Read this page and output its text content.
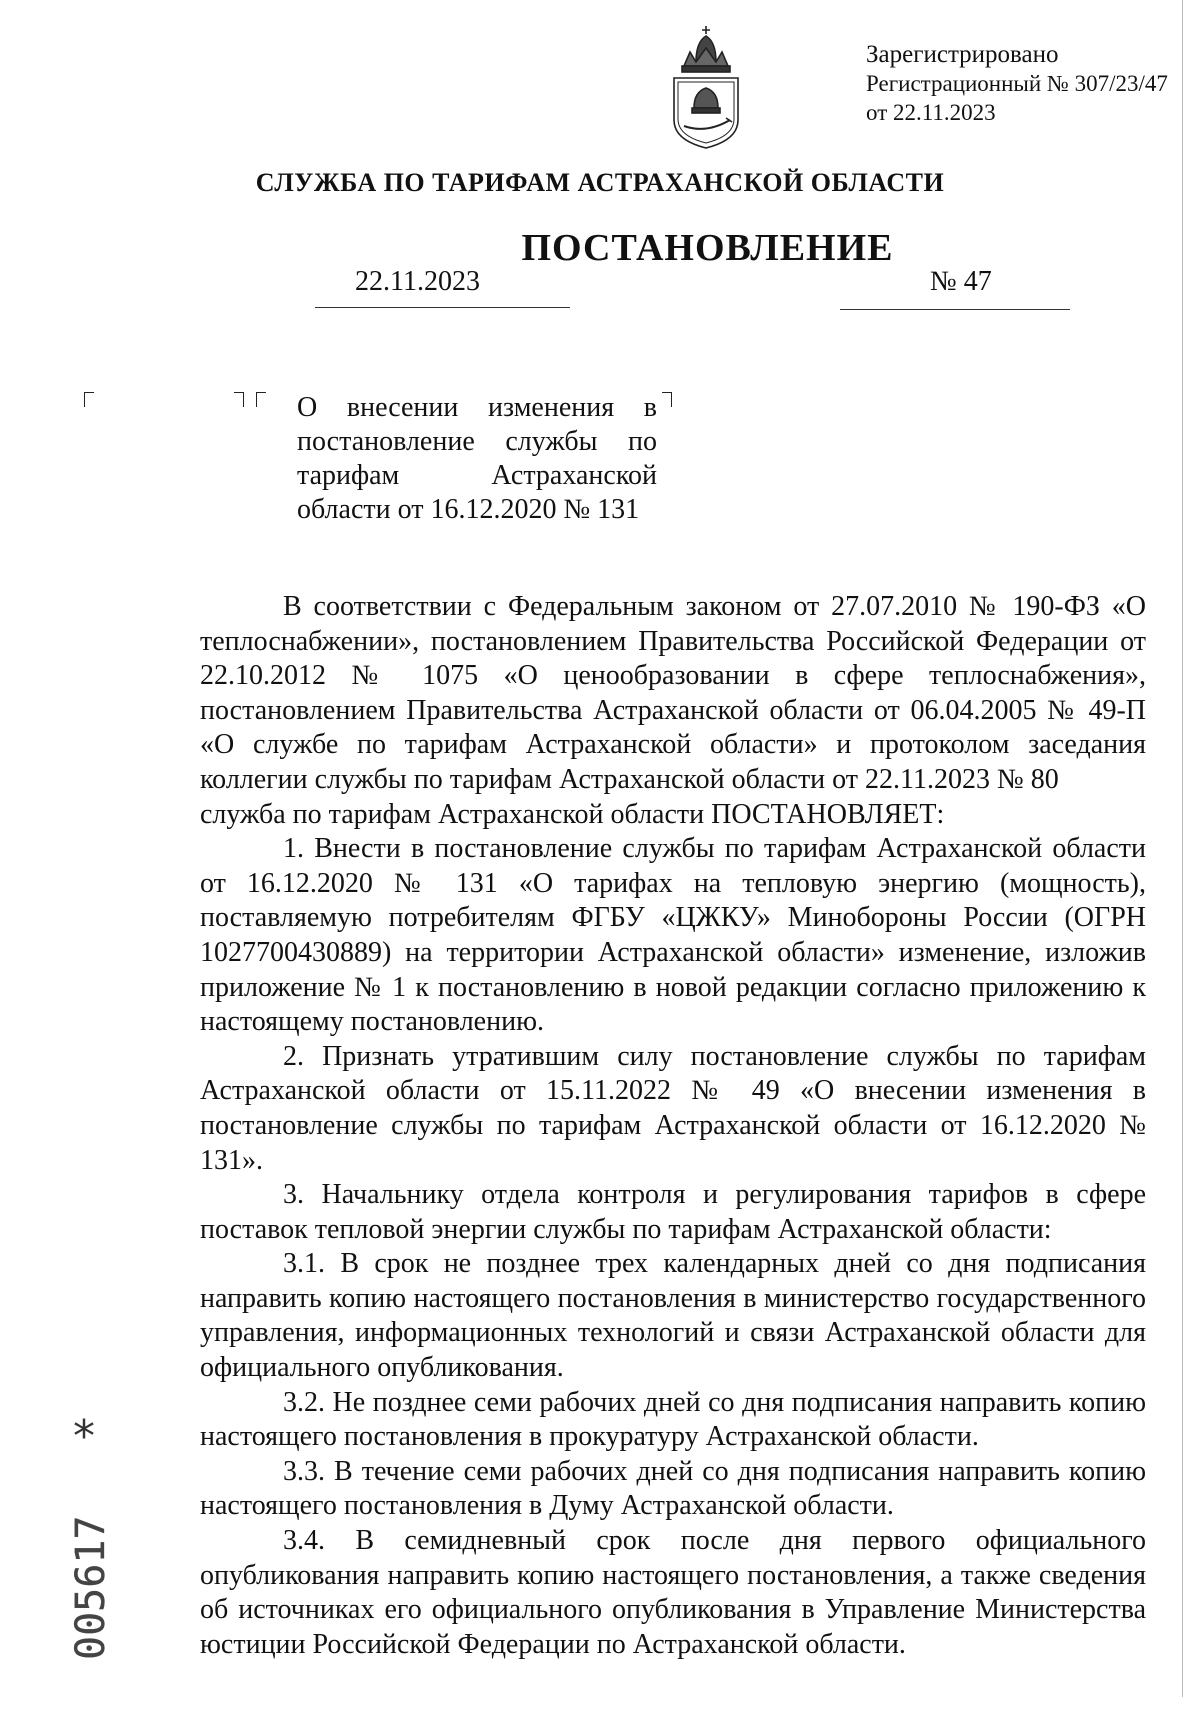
Зарегистрировано
Регистрационный № 307/23/47
от 22.11.2023
СЛУЖБА ПО ТАРИФАМ АСТРАХАНСКОЙ ОБЛАСТИ
ПОСТАНОВЛЕНИЕ
22.11.2023	№ 47
О внесении изменения в постановление службы по тарифам Астраханской области от 16.12.2020 № 131

В соответствии с Федеральным законом от 27.07.2010 № 190-ФЗ «О теплоснабжении», постановлением Правительства Российской Федерации от 22.10.2012 № 1075 «О ценообразовании в сфере теплоснабжения», постановлением Правительства Астраханской области от 06.04.2005 № 49-П «О службе по тарифам Астраханской области» и протоколом заседания коллегии службы по тарифам Астраханской области от 22.11.2023 № 80

служба по тарифам Астраханской области ПОСТАНОВЛЯЕТ:

1. Внести в постановление службы по тарифам Астраханской области от 16.12.2020 № 131 «О тарифах на тепловую энергию (мощность), поставляемую потребителям ФГБУ «ЦЖКУ» Минобороны России (ОГРН 1027700430889) на территории Астраханской области» изменение, изложив приложение № 1 к постановлению в новой редакции согласно приложению к настоящему постановлению.

2. Признать утратившим силу постановление службы по тарифам Астраханской области от 15.11.2022 № 49 «О внесении изменения в постановление службы по тарифам Астраханской области от 16.12.2020 № 131».

3. Начальнику отдела контроля и регулирования тарифов в сфере поставок тепловой энергии службы по тарифам Астраханской области:

3.1. В срок не позднее трех календарных дней со дня подписания направить копию настоящего постановления в министерство государственного управления, информационных технологий и связи Астраханской области для официального опубликования.

3.2. Не позднее семи рабочих дней со дня подписания направить копию настоящего постановления в прокуратуру Астраханской области.

3.3. В течение семи рабочих дней со дня подписания направить копию настоящего постановления в Думу Астраханской области.

3.4. В семидневный срок после дня первого официального опубликования направить копию настоящего постановления, а также сведения об источниках его официального опубликования в Управление Министерства юстиции Российской Федерации по Астраханской области.

*
005617
